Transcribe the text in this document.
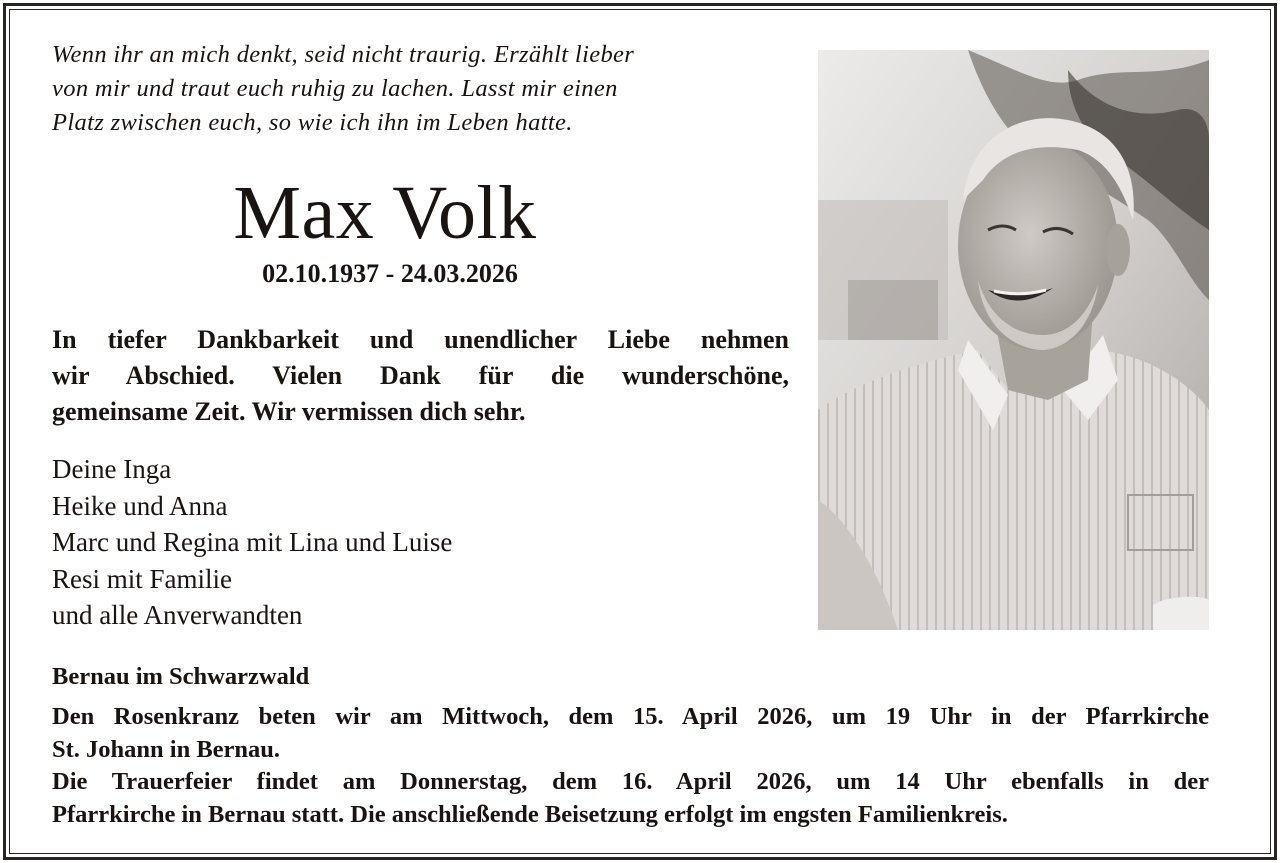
Wenn ihr an mich denkt, seid nicht traurig. Erzählt lieber
von mir und traut euch ruhig zu lachen. Lasst mir einen
Platz zwischen euch, so wie ich ihn im Leben hatte.
Max Volk
02.10.1937 - 24.03.2026
In tiefer Dankbarkeit und unendlicher Liebe nehmen
wir Abschied. Vielen Dank für die wunderschöne,
gemeinsame Zeit. Wir vermissen dich sehr.
Deine Inga
Heike und Anna
Marc und Regina mit Lina und Luise
Resi mit Familie
und alle Anverwandten
Bernau im Schwarzwald
Den Rosenkranz beten wir am Mittwoch, dem 15. April 2026, um 19 Uhr in der Pfarrkirche
St. Johann in Bernau.
Die Trauerfeier findet am Donnerstag, dem 16. April 2026, um 14 Uhr ebenfalls in der
Pfarrkirche in Bernau statt. Die anschließende Beisetzung erfolgt im engsten Familienkreis.
